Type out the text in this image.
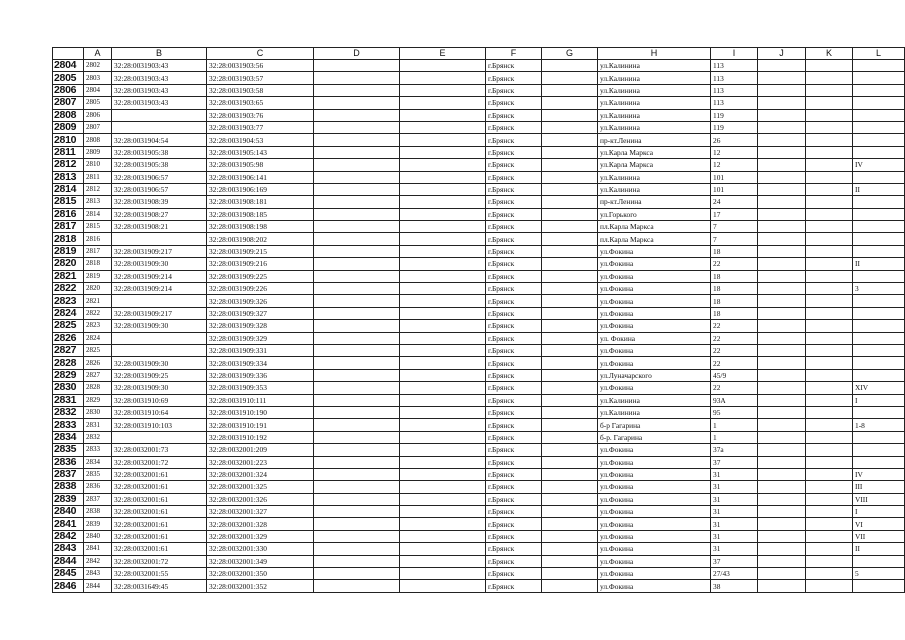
	A	B	C	D	E	F	G	H	I	J	K	L
2804	2802	32:28:0031903:43	32:28:0031903:56			г.Брянск		ул.Калинина	113			
2805	2803	32:28:0031903:43	32:28:0031903:57			г.Брянск		ул.Калинина	113			
2806	2804	32:28:0031903:43	32:28:0031903:58			г.Брянск		ул.Калинина	113			
2807	2805	32:28:0031903:43	32:28:0031903:65			г.Брянск		ул.Калинина	113			
2808	2806		32:28:0031903:76			г.Брянск		ул.Калинина	119			
2809	2807		32:28:0031903:77			г.Брянск		ул.Калинина	119			
2810	2808	32:28:0031904:54	32:28:0031904:53			г.Брянск		пр-кт.Ленина	26			
2811	2809	32:28:0031905:38	32:28:0031905:143			г.Брянск		ул.Карла Маркса	12			
2812	2810	32:28:0031905:38	32:28:0031905:98			г.Брянск		ул.Карла Маркса	12			IV
2813	2811	32:28:0031906:57	32:28:0031906:141			г.Брянск		ул.Калинина	101			
2814	2812	32:28:0031906:57	32:28:0031906:169			г.Брянск		ул.Калинина	101			II
2815	2813	32:28:0031908:39	32:28:0031908:181			г.Брянск		пр-кт.Ленина	24			
2816	2814	32:28:0031908:27	32:28:0031908:185			г.Брянск		ул.Горького	17			
2817	2815	32:28:0031908:21	32:28:0031908:198			г.Брянск		пл.Карла Маркса	7			
2818	2816		32:28:0031908:202			г.Брянск		пл.Карла Маркса	7			
2819	2817	32:28:0031909:217	32:28:0031909:215			г.Брянск		ул.Фокина	18			
2820	2818	32:28:0031909:30	32:28:0031909:216			г.Брянск		ул.Фокина	22			II
2821	2819	32:28:0031909:214	32:28:0031909:225			г.Брянск		ул.Фокина	18			
2822	2820	32:28:0031909:214	32:28:0031909:226			г.Брянск		ул.Фокина	18			3
2823	2821		32:28:0031909:326			г.Брянск		ул.Фокина	18			
2824	2822	32:28:0031909:217	32:28:0031909:327			г.Брянск		ул.Фокина	18			
2825	2823	32:28:0031909:30	32:28:0031909:328			г.Брянск		ул.Фокина	22			
2826	2824		32:28:0031909:329			г.Брянск		ул. Фокина	22			
2827	2825		32:28:0031909:331			г.Брянск		ул.Фокина	22			
2828	2826	32:28:0031909:30	32:28:0031909:334			г.Брянск		ул.Фокина	22			
2829	2827	32:28:0031909:25	32:28:0031909:336			г.Брянск		ул.Луначарского	45/9			
2830	2828	32:28:0031909:30	32:28:0031909:353			г.Брянск		ул.Фокина	22			XIV
2831	2829	32:28:0031910:69	32:28:0031910:111			г.Брянск		ул.Калинина	93А			I
2832	2830	32:28:0031910:64	32:28:0031910:190			г.Брянск		ул.Калинина	95			
2833	2831	32:28:0031910:103	32:28:0031910:191			г.Брянск		б-р Гагарина	1			1-8
2834	2832		32:28:0031910:192			г.Брянск		б-р. Гагарина	1			
2835	2833	32:28:0032001:73	32:28:0032001:209			г.Брянск		ул.Фокина	37а			
2836	2834	32:28:0032001:72	32:28:0032001:223			г.Брянск		ул.Фокина	37			
2837	2835	32:28:0032001:61	32:28:0032001:324			г.Брянск		ул.Фокина	31			IV
2838	2836	32:28:0032001:61	32:28:0032001:325			г.Брянск		ул.Фокина	31			III
2839	2837	32:28:0032001:61	32:28:0032001:326			г.Брянск		ул.Фокина	31			VIII
2840	2838	32:28:0032001:61	32:28:0032001:327			г.Брянск		ул.Фокина	31			I
2841	2839	32:28:0032001:61	32:28:0032001:328			г.Брянск		ул.Фокина	31			VI
2842	2840	32:28:0032001:61	32:28:0032001:329			г.Брянск		ул.Фокина	31			VII
2843	2841	32:28:0032001:61	32:28:0032001:330			г.Брянск		ул.Фокина	31			II
2844	2842	32:28:0032001:72	32:28:0032001:349			г.Брянск		ул.Фокина	37			
2845	2843	32:28:0032001:55	32:28:0032001:350			г.Брянск		ул.Фокина	27/43			5
2846	2844	32:28:0031649:45	32:28:0032001:352			г.Брянск		ул.Фокина	38			
